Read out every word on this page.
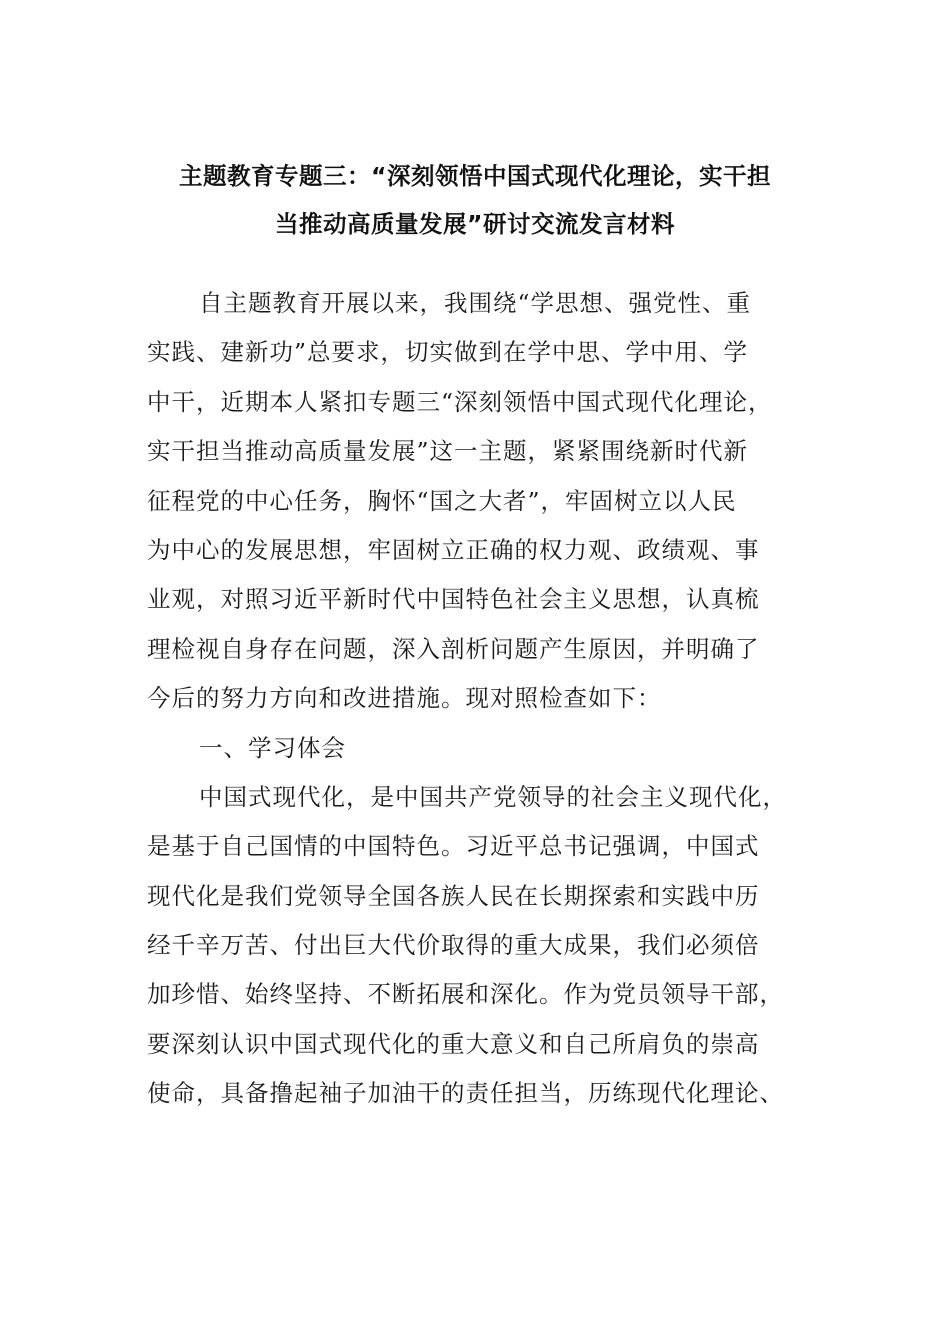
主题教育专题三：“深刻领悟中国式现代化理论，实干担
当推动高质量发展”研讨交流发言材料
自主题教育开展以来，我围绕“学思想、强党性、重
实践、建新功”总要求，切实做到在学中思、学中用、学
中干，近期本人紧扣专题三“深刻领悟中国式现代化理论，
实干担当推动高质量发展”这一主题，紧紧围绕新时代新
征程党的中心任务，胸怀“国之大者”，牢固树立以人民
为中心的发展思想，牢固树立正确的权力观、政绩观、事
业观，对照习近平新时代中国特色社会主义思想，认真梳
理检视自身存在问题，深入剖析问题产生原因，并明确了
今后的努力方向和改进措施。现对照检查如下：
一、学习体会
中国式现代化，是中国共产党领导的社会主义现代化，
是基于自己国情的中国特色。习近平总书记强调，中国式
现代化是我们党领导全国各族人民在长期探索和实践中历
经千辛万苦、付出巨大代价取得的重大成果，我们必须倍
加珍惜、始终坚持、不断拓展和深化。作为党员领导干部，
要深刻认识中国式现代化的重大意义和自己所肩负的崇高
使命，具备撸起袖子加油干的责任担当，历练现代化理论、
